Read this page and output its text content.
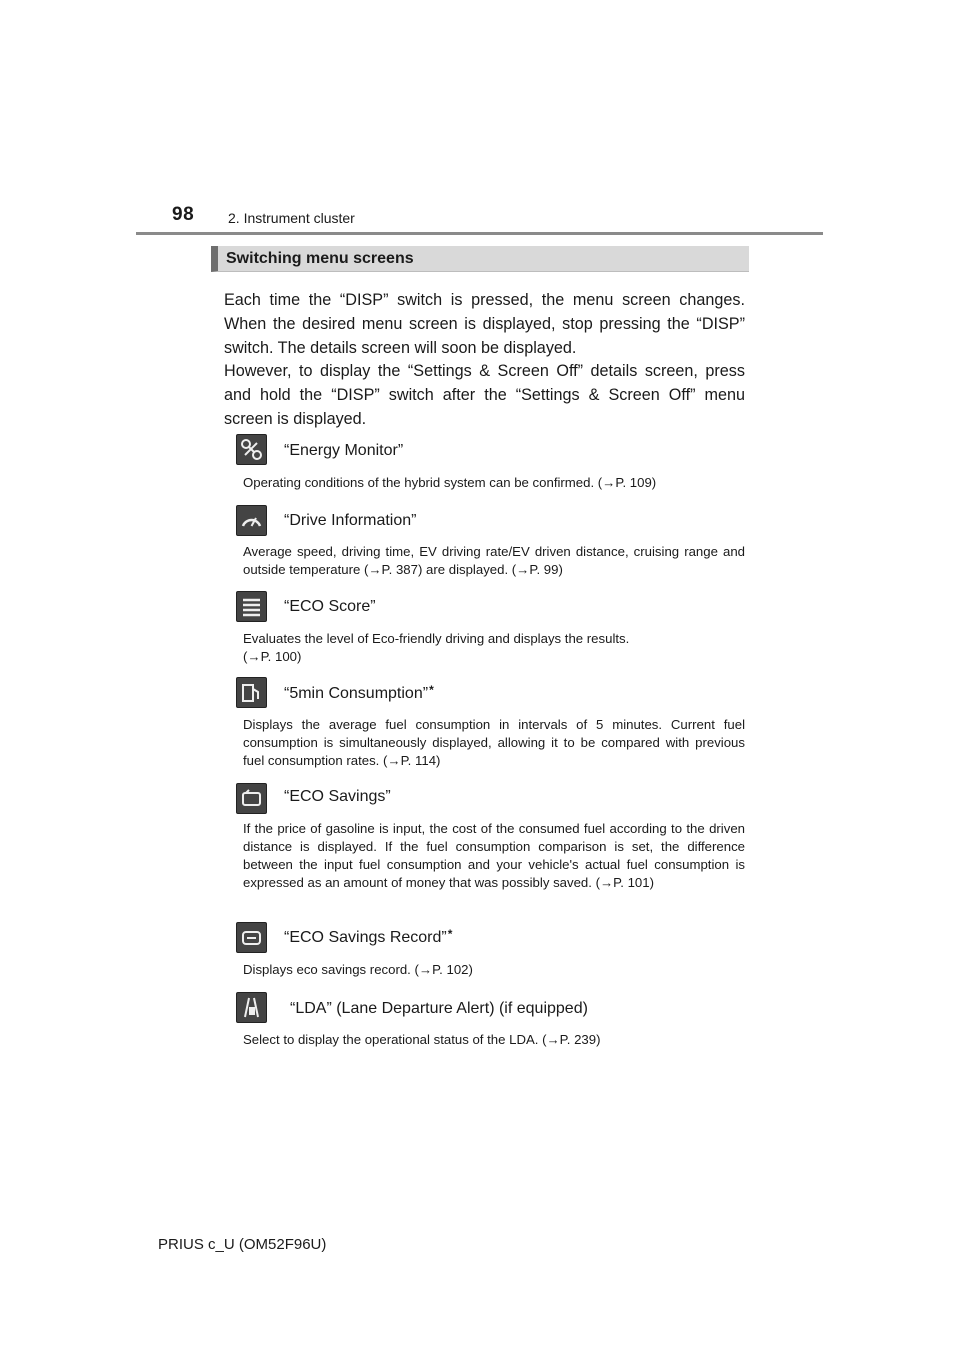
98 2. Instrument cluster
Switching menu screens

Each time the “DISP” switch is pressed, the menu screen changes. When the desired menu screen is displayed, stop pressing the “DISP” switch. The details screen will soon be displayed.

However, to display the “Settings & Screen Off” details screen, press and hold the “DISP” switch after the “Settings & Screen Off” menu screen is displayed.

“Energy Monitor”

Operating conditions of the hybrid system can be confirmed. (→P. 109)

“Drive Information”

Average speed, driving time, EV driving rate/EV driven distance, cruising range and outside temperature (→P. 387) are displayed. (→P. 99)

“ECO Score”

Evaluates the level of Eco-friendly driving and displays the results.
(→P. 100)

“5min Consumption”*

Displays the average fuel consumption in intervals of 5 minutes. Current fuel consumption is simultaneously displayed, allowing it to be compared with previous fuel consumption rates. (→P. 114)

“ECO Savings”

If the price of gasoline is input, the cost of the consumed fuel according to the driven distance is displayed. If the fuel consumption comparison is set, the difference between the input fuel consumption and your vehicle's actual fuel consumption is expressed as an amount of money that was possibly saved. (→P. 101)

“ECO Savings Record”*

Displays eco savings record. (→P. 102)

“LDA” (Lane Departure Alert) (if equipped)

Select to display the operational status of the LDA. (→P. 239)

PRIUS c_U (OM52F96U)
